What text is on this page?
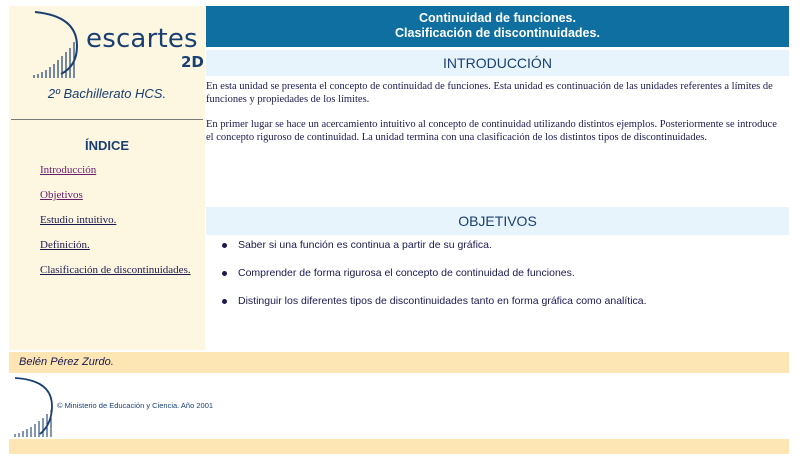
escartes
2D
2º Bachillerato HCS.
ÍNDICE
Introducción
Objetivos
Estudio intuitivo.
Definición.
Clasificación de discontinuidades.
Continuidad de funciones.
Clasificación de discontinuidades.
INTRODUCCIÓN

En esta unidad se presenta el concepto de continuidad de funciones. Esta unidad es continuación de las unidades referentes a límites de funciones y propiedades de los límites.

En primer lugar se hace un acercamiento intuitivo al concepto de continuidad utilizando distintos ejemplos. Posteriormente se introduce el concepto riguroso de continuidad. La unidad termina con una clasificación de los distintos tipos de discontinuidades.

OBJETIVOS
Saber si una función es continua a partir de su gráfica.
Comprender de forma rigurosa el concepto de continuidad de funciones.
Distinguir los diferentes tipos de discontinuidades tanto en forma gráfica como analítica.
Belén Pérez Zurdo.
© Ministerio de Educación y Ciencia. Año 2001
